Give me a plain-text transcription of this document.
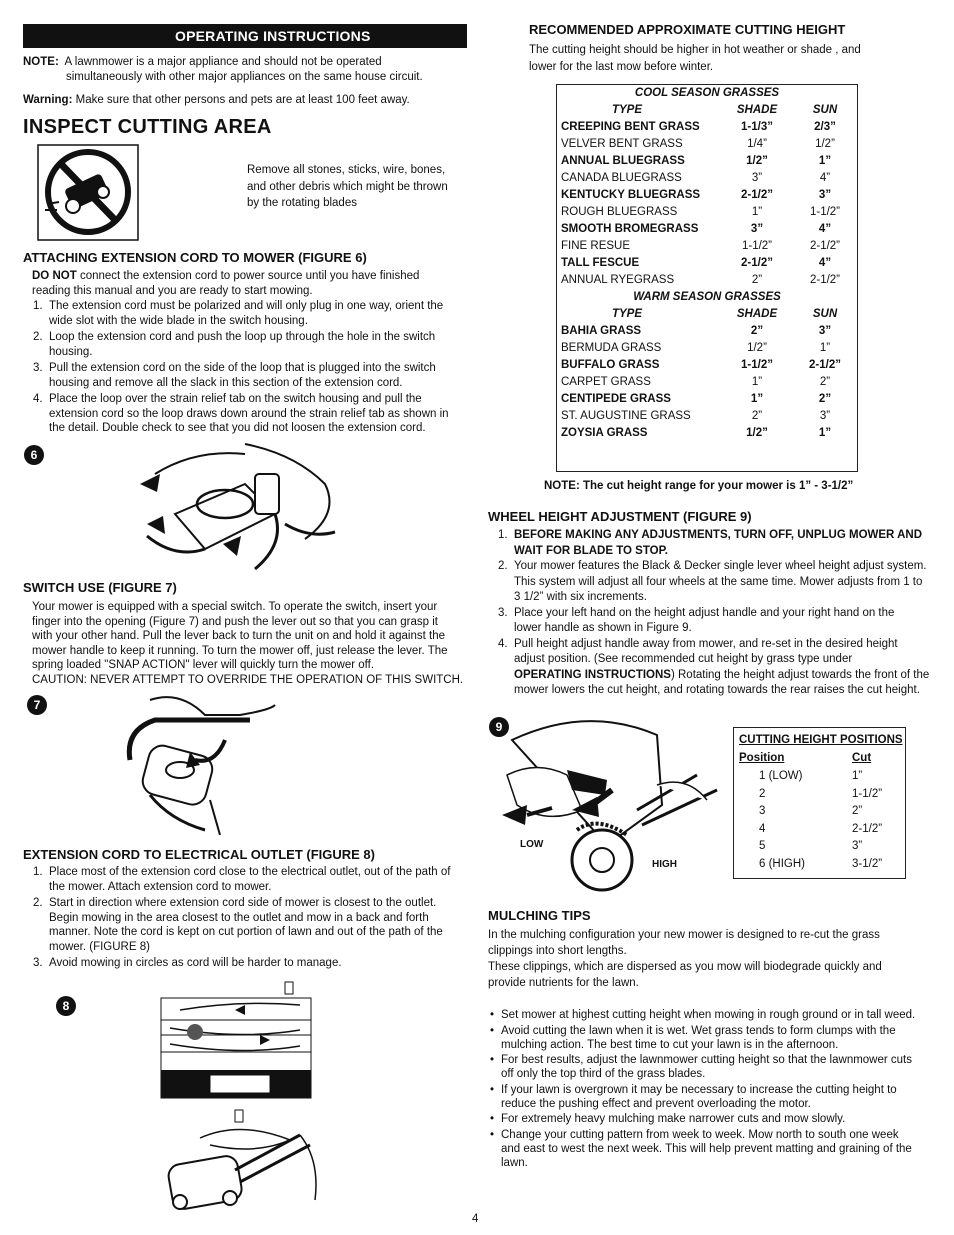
OPERATING INSTRUCTIONS
NOTE: A lawnmower is a major appliance and should not be operated
simultaneously with other major appliances on the same house circuit.
Warning: Make sure that other persons and pets are at least 100 feet away.
INSPECT CUTTING AREA
Remove all stones, sticks, wire, bones,
and other debris which might be thrown
by the rotating blades
ATTACHING EXTENSION CORD TO MOWER (FIGURE 6)
DO NOT connect the extension cord to power source until you have finished
reading this manual and you are ready to start mowing.
1. The extension cord must be polarized and will only plug in one way, orient the
wide slot with the wide blade in the switch housing.
2. Loop the extension cord and push the loop up through the hole in the switch
housing.
3. Pull the extension cord on the side of the loop that is plugged into the switch
housing and remove all the slack in this section of the extension cord.
4. Place the loop over the strain relief tab on the switch housing and pull the
extension cord so the loop draws down around the strain relief tab as shown in
the detail. Double check to see that you did not loosen the extension cord.
6
SWITCH USE (FIGURE 7)
Your mower is equipped with a special switch. To operate the switch, insert your
finger into the opening (Figure 7) and push the lever out so that you can grasp it
with your other hand. Pull the lever back to turn the unit on and hold it against the
mower handle to keep it running. To turn the mower off, just release the lever. The
spring loaded "SNAP ACTION" lever will quickly turn the mower off.
CAUTION: NEVER ATTEMPT TO OVERRIDE THE OPERATION OF THIS SWITCH.
7
EXTENSION CORD TO ELECTRICAL OUTLET (FIGURE 8)
1. Place most of the extension cord close to the electrical outlet, out of the path of
the mower. Attach extension cord to mower.
2. Start in direction where extension cord side of mower is closest to the outlet.
Begin mowing in the area closest to the outlet and mow in a back and forth
manner. Note the cord is kept on cut portion of lawn and out of the path of the
mower. (FIGURE 8)
3. Avoid mowing in circles as cord will be harder to manage.
8
4
RECOMMENDED APPROXIMATE CUTTING HEIGHT
The cutting height should be higher in hot weather or shade , and
lower for the last mow before winter.
COOL SEASON GRASSES
TYPE	SHADE	SUN
CREEPING BENT GRASS	1-1/3”	2/3”
VELVER BENT GRASS	1/4”	1/2”
ANNUAL BLUEGRASS	1/2”	1”
CANADA BLUEGRASS	3”	4”
KENTUCKY BLUEGRASS	2-1/2”	3”
ROUGH BLUEGRASS	1”	1-1/2”
SMOOTH BROMEGRASS	3”	4”
FINE RESUE	1-1/2”	2-1/2”
TALL FESCUE	2-1/2”	4”
ANNUAL RYEGRASS	2”	2-1/2”
WARM SEASON GRASSES
TYPE	SHADE	SUN
BAHIA GRASS	2”	3”
BERMUDA GRASS	1/2”	1”
BUFFALO GRASS	1-1/2”	2-1/2”
CARPET GRASS	1”	2”
CENTIPEDE GRASS	1”	2”
ST. AUGUSTINE GRASS	2”	3”
ZOYSIA GRASS	1/2”	1”
NOTE: The cut height range for your mower is 1” - 3-1/2”
WHEEL HEIGHT ADJUSTMENT (FIGURE 9)
1. BEFORE MAKING ANY ADJUSTMENTS, TURN OFF, UNPLUG MOWER AND
WAIT FOR BLADE TO STOP.
2. Your mower features the Black & Decker single lever wheel height adjust system.
This system will adjust all four wheels at the same time. Mower adjusts from 1 to
3 1/2” with six increments.
3. Place your left hand on the height adjust handle and your right hand on the
lower handle as shown in Figure 9.
4. Pull height adjust handle away from mower, and re-set in the desired height
adjust position. (See recommended cut height by grass type under
OPERATING INSTRUCTIONS) Rotating the height adjust towards the front of the
mower lowers the cut height, and rotating towards the rear raises the cut height.
9
LOW
HIGH
CUTTING HEIGHT POSITIONS
Position	Cut
1 (LOW)	1”
2	1-1/2”
3	2”
4	2-1/2”
5	3”
6 (HIGH)	3-1/2”
MULCHING TIPS
In the mulching configuration your new mower is designed to re-cut the grass
clippings into short lengths.
These clippings, which are dispersed as you mow will biodegrade quickly and
provide nutrients for the lawn.
• Set mower at highest cutting height when mowing in rough ground or in tall weed.
• Avoid cutting the lawn when it is wet. Wet grass tends to form clumps with the
mulching action. The best time to cut your lawn is in the afternoon.
• For best results, adjust the lawnmower cutting height so that the lawnmower cuts
off only the top third of the grass blades.
• If your lawn is overgrown it may be necessary to increase the cutting height to
reduce the pushing effect and prevent overloading the motor.
• For extremely heavy mulching make narrower cuts and mow slowly.
• Change your cutting pattern from week to week. Mow north to south one week
and east to west the next week. This will help prevent matting and graining of the
lawn.
